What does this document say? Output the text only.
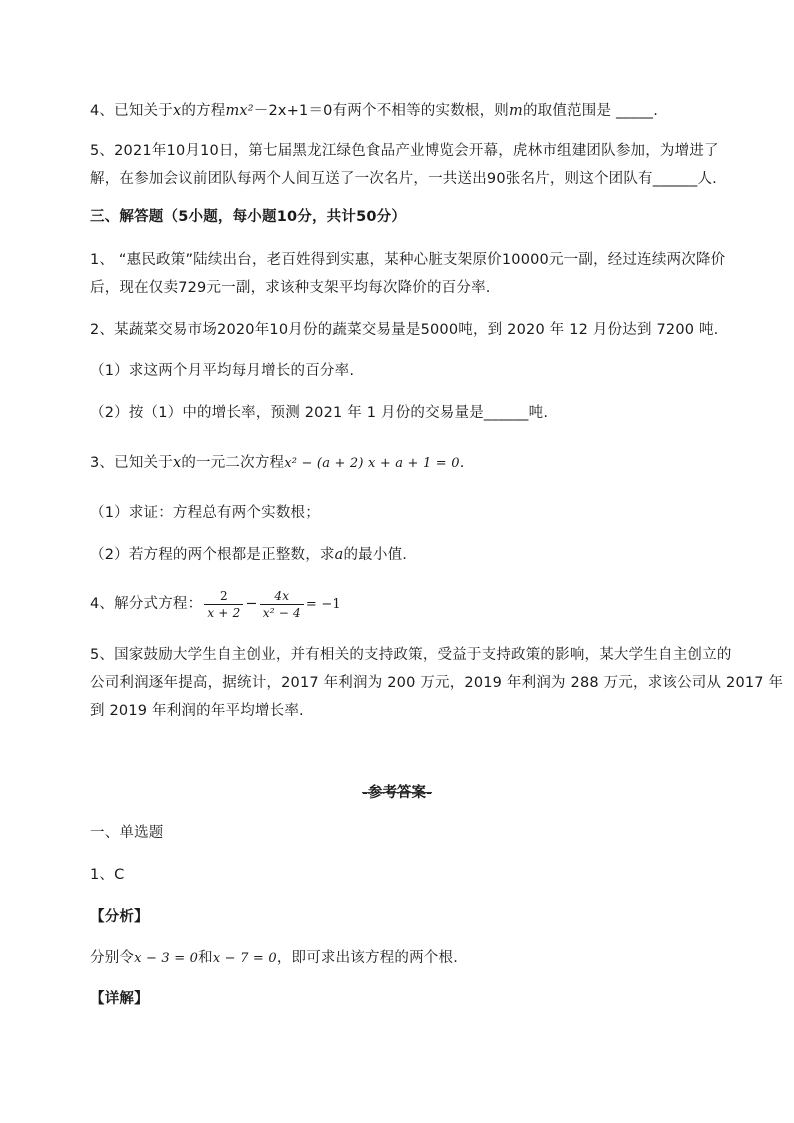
4、已知关于x的方程mx²－2x+1＝0有两个不相等的实数根，则m的取值范围是 _____.
5、2021年10月10日，第七届黑龙江绿色食品产业博览会开幕，虎林市组建团队参加，为增进了
解，在参加会议前团队每两个人间互送了一次名片，一共送出90张名片，则这个团队有______人.
三、解答题（5小题，每小题10分，共计50分）
1、 “惠民政策”陆续出台，老百姓得到实惠，某种心脏支架原价10000元一副，经过连续两次降价
后，现在仅卖729元一副，求该种支架平均每次降价的百分率.
2、某蔬菜交易市场2020年10月份的蔬菜交易量是5000吨，到 2020 年 12 月份达到 7200 吨.
（1）求这两个月平均每月增长的百分率.
（2）按（1）中的增长率，预测 2021 年 1 月份的交易量是______吨.
3、已知关于x的一元二次方程x² − (a + 2) x + a + 1 = 0.
（1）求证：方程总有两个实数根；
（2）若方程的两个根都是正整数，求a的最小值.
4、解分式方程： $\frac{2}{x + 2} - \frac{4x}{\text{x² − 4}} = -1$
5、国家鼓励大学生自主创业，并有相关的支持政策，受益于支持政策的影响，某大学生自主创立的
公司利润逐年提高，据统计，2017 年利润为 200 万元，2019 年利润为 288 万元，求该公司从 2017 年
到 2019 年利润的年平均增长率.
-参考答案-
一、单选题
1、C
【分析】
分别令x − 3 = 0和x − 7 = 0，即可求出该方程的两个根.
【详解】
